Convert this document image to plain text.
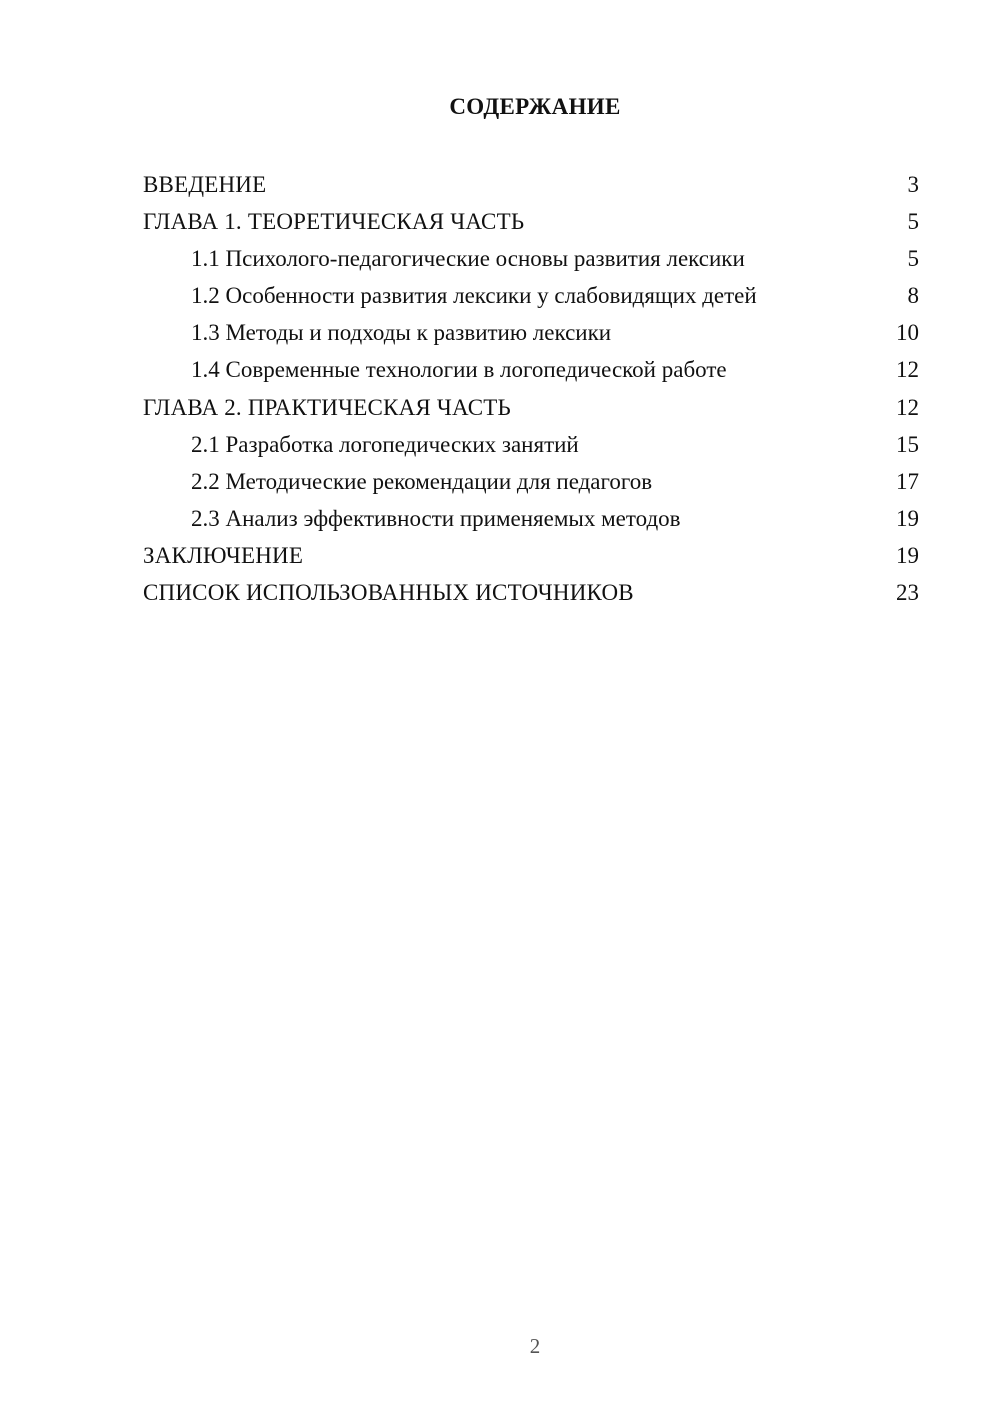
СОДЕРЖАНИЕ
ВВЕДЕНИЕ	3
ГЛАВА 1. ТЕОРЕТИЧЕСКАЯ ЧАСТЬ	5
1.1 Психолого-педагогические основы развития лексики	5
1.2 Особенности развития лексики у слабовидящих детей	8
1.3 Методы и подходы к развитию лексики	10
1.4 Современные технологии в логопедической работе	12
ГЛАВА 2. ПРАКТИЧЕСКАЯ ЧАСТЬ	12
2.1 Разработка логопедических занятий	15
2.2 Методические рекомендации для педагогов	17
2.3 Анализ эффективности применяемых методов	19
ЗАКЛЮЧЕНИЕ	19
СПИСОК ИСПОЛЬЗОВАННЫХ ИСТОЧНИКОВ	23
2
